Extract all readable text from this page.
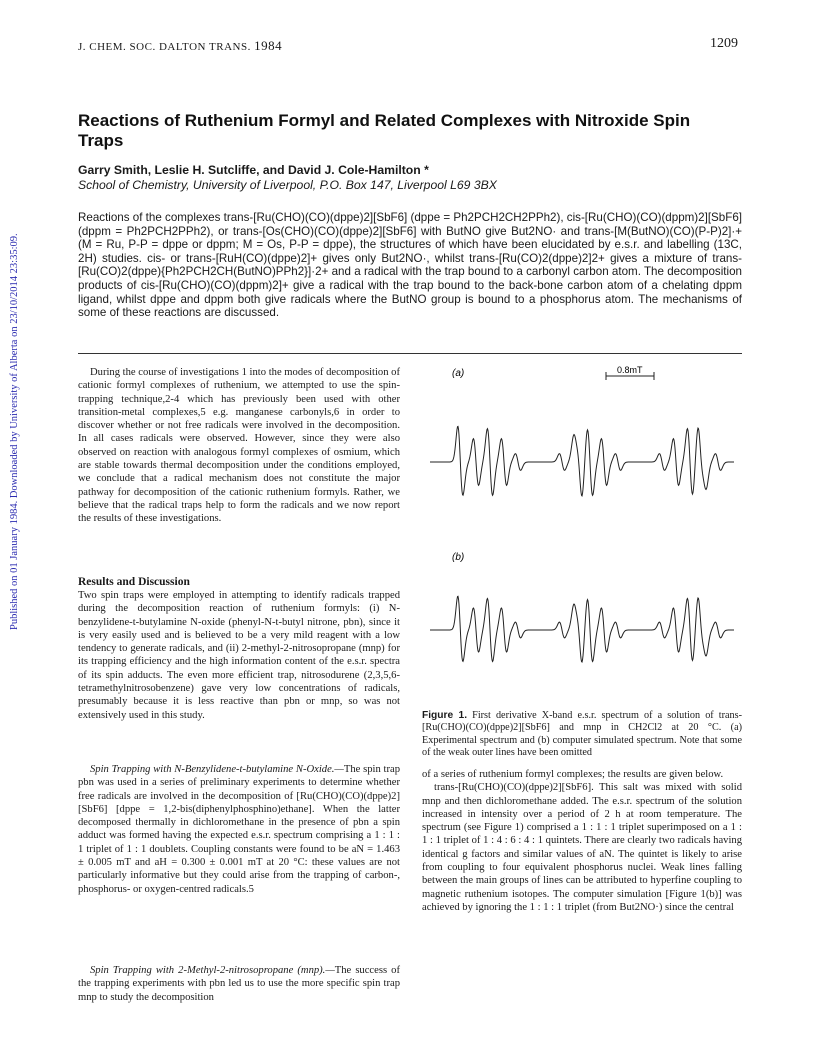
J. CHEM. SOC. DALTON TRANS. 1984	1209
Published on 01 January 1984. Downloaded by University of Alberta on 23/10/2014 23:35:09.
Reactions of Ruthenium Formyl and Related Complexes with Nitroxide Spin Traps
Garry Smith, Leslie H. Sutcliffe, and David J. Cole-Hamilton *
School of Chemistry, University of Liverpool, P.O. Box 147, Liverpool L69 3BX
Reactions of the complexes trans-[Ru(CHO)(CO)(dppe)2][SbF6] (dppe = Ph2PCH2CH2PPh2), cis-[Ru(CHO)(CO)(dppm)2][SbF6] (dppm = Ph2PCH2PPh2), or trans-[Os(CHO)(CO)(dppe)2][SbF6] with ButNO give But2NO· and trans-[M(ButNO)(CO)(P-P)2]·+ (M = Ru, P-P = dppe or dppm; M = Os, P-P = dppe), the structures of which have been elucidated by e.s.r. and labelling (13C, 2H) studies. cis- or trans-[RuH(CO)(dppe)2]+ gives only But2NO·, whilst trans-[Ru(CO)2(dppe)2]2+ gives a mixture of trans-[Ru(CO)2(dppe){Ph2PCH2CH(ButNO)PPh2}]·2+ and a radical with the trap bound to a carbonyl carbon atom. The decomposition products of cis-[Ru(CHO)(CO)(dppm)2]+ give a radical with the trap bound to the back-bone carbon atom of a chelating dppm ligand, whilst dppe and dppm both give radicals where the ButNO group is bound to a phosphorus atom. The mechanisms of some of these reactions are discussed.

During the course of investigations 1 into the modes of decomposition of cationic formyl complexes of ruthenium, we attempted to use the spin-trapping technique,2-4 which has previously been used with other transition-metal complexes,5 e.g. manganese carbonyls,6 in order to discover whether or not free radicals were involved in the decomposition. In all cases radicals were observed. However, since they were also observed on reaction with analogous formyl complexes of osmium, which are stable towards thermal decomposition under the conditions employed, we conclude that a radical mechanism does not constitute the major pathway for decomposition of the cationic ruthenium formyls. Rather, we believe that the radical traps help to form the radicals and we now report the results of these investigations.

Results and Discussion

Two spin traps were employed in attempting to identify radicals trapped during the decomposition reaction of ruthenium formyls: (i) N-benzylidene-t-butylamine N-oxide (phenyl-N-t-butyl nitrone, pbn), since it is very easily used and is believed to be a very mild reagent with a low tendency to generate radicals, and (ii) 2-methyl-2-nitrosopropane (mnp) for its trapping efficiency and the high information content of the e.s.r. spectra of its spin adducts. The even more efficient trap, nitrosodurene (2,3,5,6-tetramethylnitrosobenzene) gave very low concentrations of radicals, presumably because it is less reactive than pbn or mnp, so was not extensively used in this study.

Spin Trapping with N-Benzylidene-t-butylamine N-Oxide.—The spin trap pbn was used in a series of preliminary experiments to determine whether free radicals are involved in the decomposition of [Ru(CHO)(CO)(dppe)2][SbF6] [dppe = 1,2-bis(diphenylphosphino)ethane]. When the latter decomposed thermally in dichloromethane in the presence of pbn a spin adduct was formed having the expected e.s.r. spectrum comprising a 1 : 1 : 1 triplet of 1 : 1 doublets. Coupling constants were found to be aN = 1.463 ± 0.005 mT and aH = 0.300 ± 0.001 mT at 20 °C: these values are not particularly informative but they could arise from the trapping of carbon-, phosphorus- or oxygen-centred radicals.5

Spin Trapping with 2-Methyl-2-nitrosopropane (mnp).—The success of the trapping experiments with pbn led us to use the more specific spin trap mnp to study the decomposition

(a)	0.8mT
(b)
Figure 1. First derivative X-band e.s.r. spectrum of a solution of trans-[Ru(CHO)(CO)(dppe)2][SbF6] and mnp in CH2Cl2 at 20 °C. (a) Experimental spectrum and (b) computer simulated spectrum. Note that some of the weak outer lines have been omitted

of a series of ruthenium formyl complexes; the results are given below.

trans-[Ru(CHO)(CO)(dppe)2][SbF6]. This salt was mixed with solid mnp and then dichloromethane added. The e.s.r. spectrum of the solution increased in intensity over a period of 2 h at room temperature. The spectrum (see Figure 1) comprised a 1 : 1 : 1 triplet superimposed on a 1 : 1 : 1 triplet of 1 : 4 : 6 : 4 : 1 quintets. There are clearly two radicals having identical g factors and similar values of aN. The quintet is likely to arise from coupling to four equivalent phosphorus nuclei. Weak lines falling between the main groups of lines can be attributed to hyperfine coupling to magnetic ruthenium isotopes. The computer simulation [Figure 1(b)] was achieved by ignoring the 1 : 1 : 1 triplet (from But2NO·) since the central
